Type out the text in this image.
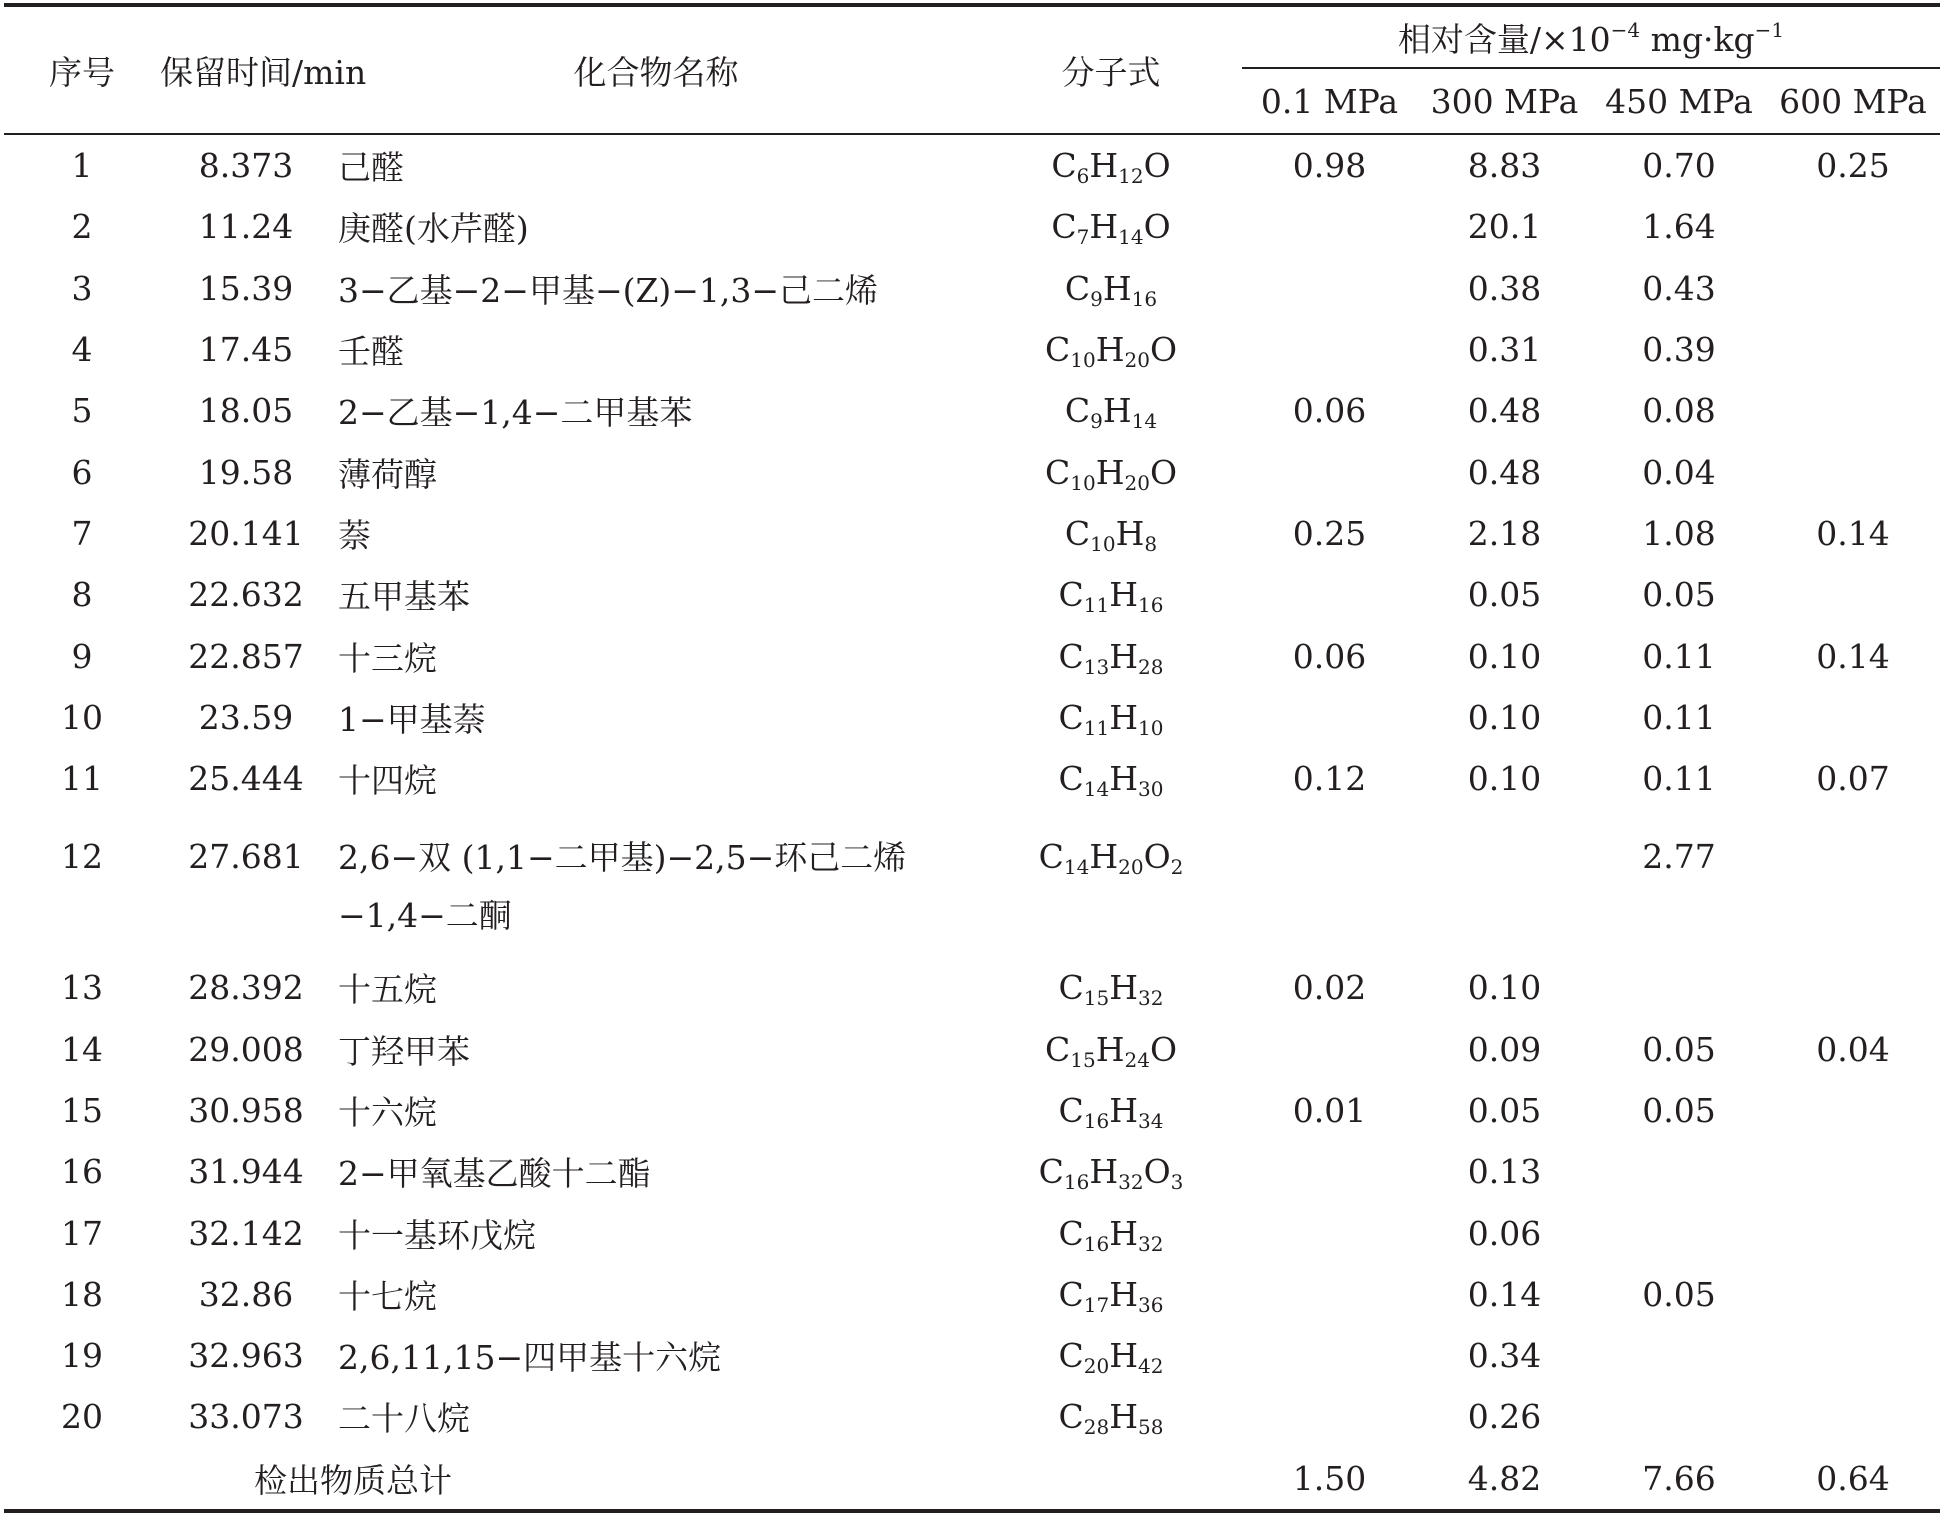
序号	保留时间/min	化合物名称	分子式	相对含量$/\times 10^{-4}$ $mg\cdot kg^{-1}$
				0.1 MPa	300 MPa	450 MPa	600 MPa
1	8.373	己醛	$C_6H_{12}O$	0.98	8.83	0.70	0.25
2	11.24	庚醛(水芹醛)	$C_7H_{14}O$		20.1	1.64	
3	15.39	3−乙基−2−甲基−(Z)−1,3−己二烯	$C_9H_{16}$		0.38	0.43	
4	17.45	壬醛	$C_{10}H_{20}O$		0.31	0.39	
5	18.05	2−乙基−1,4−二甲基苯	$C_9H_{14}$	0.06	0.48	0.08	
6	19.58	薄荷醇	$C_{10}H_{20}O$		0.48	0.04	
7	20.141	萘	$C_{10}H_8$	0.25	2.18	1.08	0.14
8	22.632	五甲基苯	$C_{11}H_{16}$		0.05	0.05	
9	22.857	十三烷	$C_{13}H_{28}$	0.06	0.10	0.11	0.14
10	23.59	1−甲基萘	$C_{11}H_{10}$		0.10	0.11	
11	25.444	十四烷	$C_{14}H_{30}$	0.12	0.10	0.11	0.07
12	27.681	2,6−双 (1,1−二甲基)−2,5−环己二烯−1,4−二酮	$C_{14}H_{20}O_2$			2.77	
13	28.392	十五烷	$C_{15}H_{32}$	0.02	0.10		
14	29.008	丁羟甲苯	$C_{15}H_{24}O$		0.09	0.05	0.04
15	30.958	十六烷	$C_{16}H_{34}$	0.01	0.05	0.05	
16	31.944	2−甲氧基乙酸十二酯	$C_{16}H_{32}O_3$		0.13		
17	32.142	十一基环戊烷	$C_{16}H_{32}$		0.06		
18	32.86	十七烷	$C_{17}H_{36}$		0.14	0.05	
19	32.963	2,6,11,15−四甲基十六烷	$C_{20}H_{42}$		0.34		
20	33.073	二十八烷	$C_{28}H_{58}$		0.26		
检出物质总计				1.50	4.82	7.66	0.64
